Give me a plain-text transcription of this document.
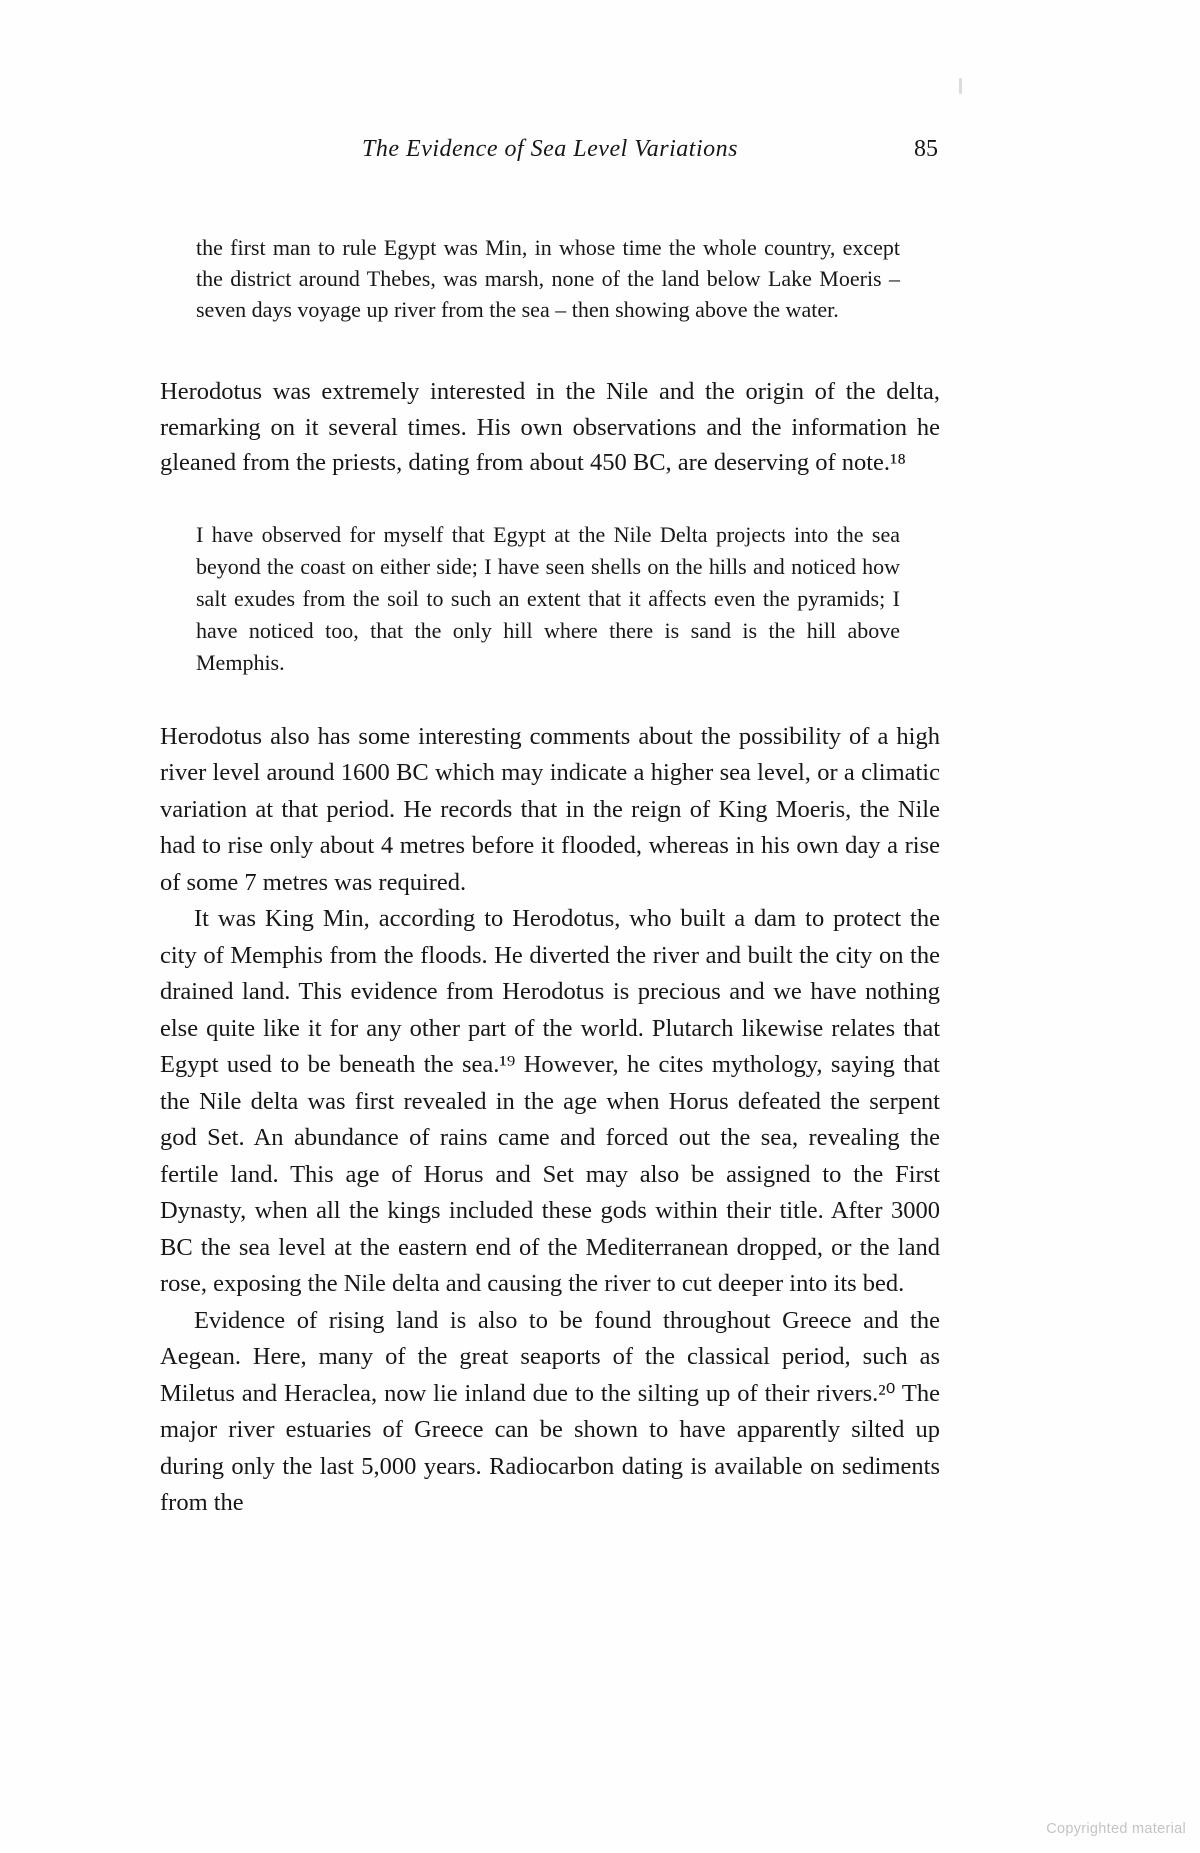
The Evidence of Sea Level Variations	85
the first man to rule Egypt was Min, in whose time the whole country, except the district around Thebes, was marsh, none of the land below Lake Moeris – seven days voyage up river from the sea – then showing above the water.

Herodotus was extremely interested in the Nile and the origin of the delta, remarking on it several times. His own observations and the information he gleaned from the priests, dating from about 450 BC, are deserving of note.¹⁸

I have observed for myself that Egypt at the Nile Delta projects into the sea beyond the coast on either side; I have seen shells on the hills and noticed how salt exudes from the soil to such an extent that it affects even the pyramids; I have noticed too, that the only hill where there is sand is the hill above Memphis.

Herodotus also has some interesting comments about the possibility of a high river level around 1600 BC which may indicate a higher sea level, or a climatic variation at that period. He records that in the reign of King Moeris, the Nile had to rise only about 4 metres before it flooded, whereas in his own day a rise of some 7 metres was required.

It was King Min, according to Herodotus, who built a dam to protect the city of Memphis from the floods. He diverted the river and built the city on the drained land. This evidence from Herodotus is precious and we have nothing else quite like it for any other part of the world. Plutarch likewise relates that Egypt used to be beneath the sea.¹⁹ However, he cites mythology, saying that the Nile delta was first revealed in the age when Horus defeated the serpent god Set. An abundance of rains came and forced out the sea, revealing the fertile land. This age of Horus and Set may also be assigned to the First Dynasty, when all the kings included these gods within their title. After 3000 BC the sea level at the eastern end of the Mediterranean dropped, or the land rose, exposing the Nile delta and causing the river to cut deeper into its bed.

Evidence of rising land is also to be found throughout Greece and the Aegean. Here, many of the great seaports of the classical period, such as Miletus and Heraclea, now lie inland due to the silting up of their rivers.²⁰ The major river estuaries of Greece can be shown to have apparently silted up during only the last 5,000 years. Radiocarbon dating is available on sediments from the

Copyrighted material
